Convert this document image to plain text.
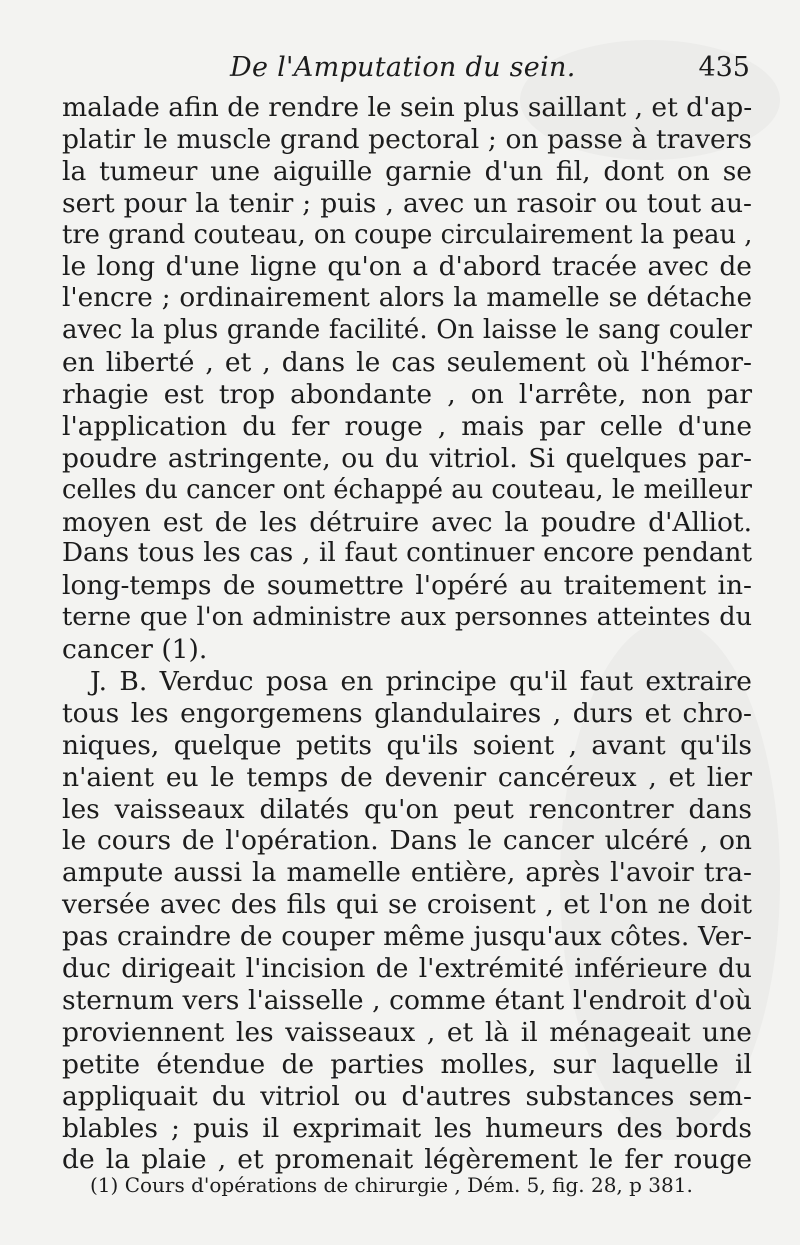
De l'Amputation du sein.	435
malade afin de rendre le sein plus saillant , et d'ap-
platir le muscle grand pectoral ; on passe à travers
la tumeur une aiguille garnie d'un fil, dont on se
sert pour la tenir ; puis , avec un rasoir ou tout au-
tre grand couteau, on coupe circulairement la peau ,
le long d'une ligne qu'on a d'abord tracée avec de
l'encre ; ordinairement alors la mamelle se détache
avec la plus grande facilité. On laisse le sang couler
en liberté , et , dans le cas seulement où l'hémor-
rhagie est trop abondante , on l'arrête, non par
l'application du fer rouge , mais par celle d'une
poudre astringente, ou du vitriol. Si quelques par-
celles du cancer ont échappé au couteau, le meilleur
moyen est de les détruire avec la poudre d'Alliot.
Dans tous les cas , il faut continuer encore pendant
long-temps de soumettre l'opéré au traitement in-
terne que l'on administre aux personnes atteintes du
cancer (1).
J. B. Verduc posa en principe qu'il faut extraire
tous les engorgemens glandulaires , durs et chro-
niques, quelque petits qu'ils soient , avant qu'ils
n'aient eu le temps de devenir cancéreux , et lier
les vaisseaux dilatés qu'on peut rencontrer dans
le cours de l'opération. Dans le cancer ulcéré , on
ampute aussi la mamelle entière, après l'avoir tra-
versée avec des fils qui se croisent , et l'on ne doit
pas craindre de couper même jusqu'aux côtes. Ver-
duc dirigeait l'incision de l'extrémité inférieure du
sternum vers l'aisselle , comme étant l'endroit d'où
proviennent les vaisseaux , et là il ménageait une
petite étendue de parties molles, sur laquelle il
appliquait du vitriol ou d'autres substances sem-
blables ; puis il exprimait les humeurs des bords
de la plaie , et promenait légèrement le fer rouge
(1) Cours d'opérations de chirurgie , Dém. 5, fig. 28, p 381.
